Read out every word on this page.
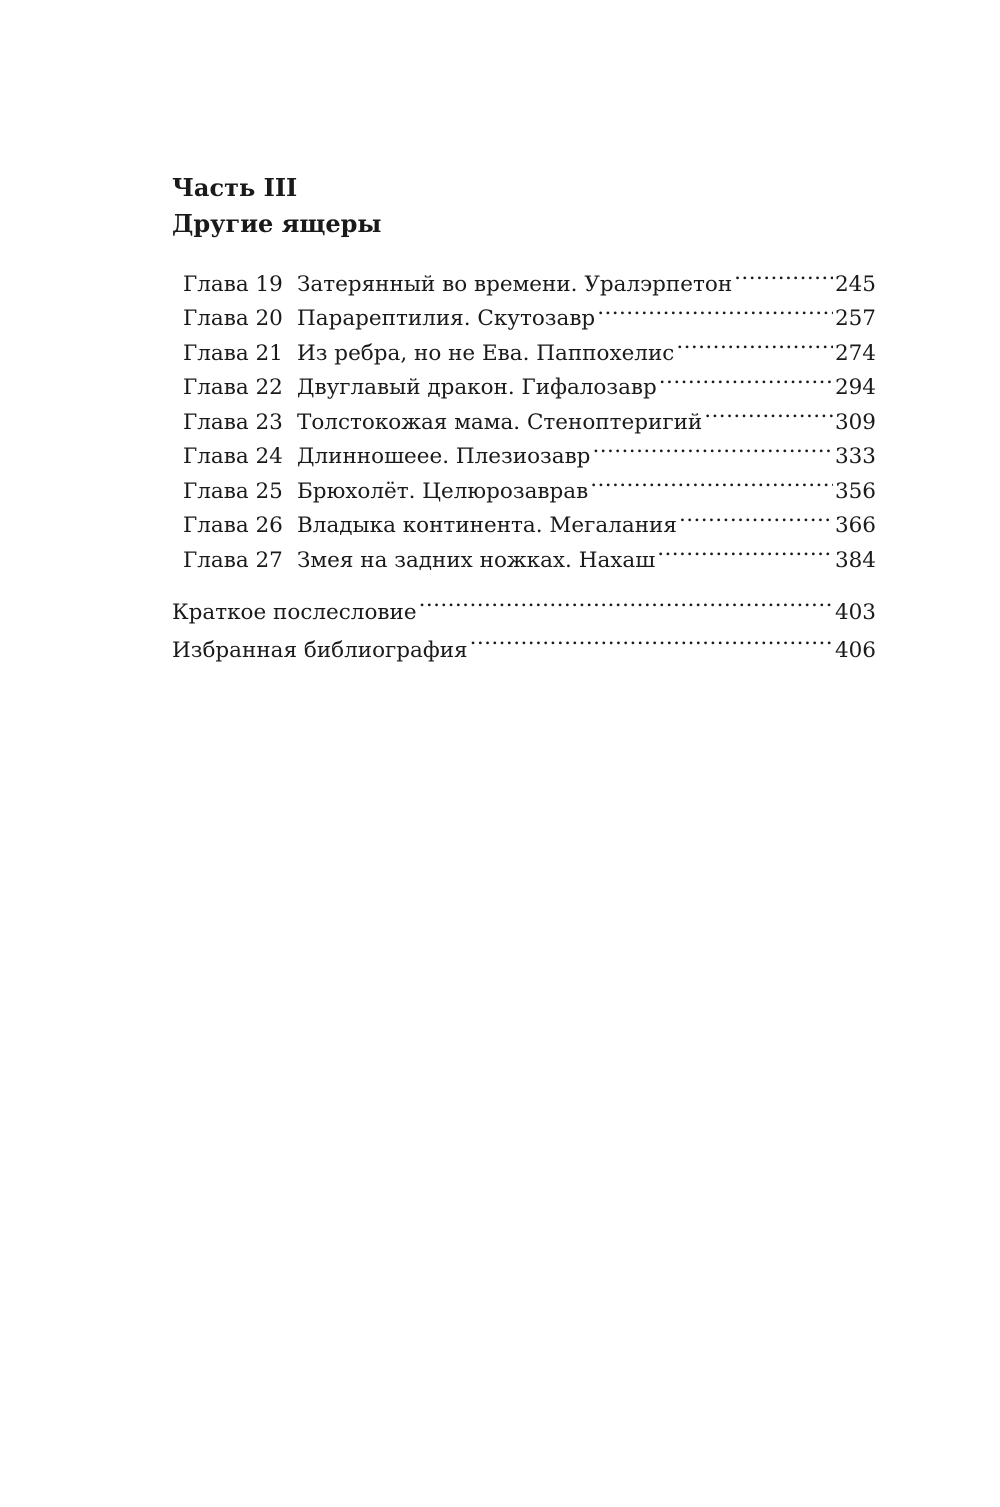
Часть III
Другие ящеры
Глава 19 Затерянный во времени. Уралэрпетон . . .	245
Глава 20 Парарептилия. Скутозавр . . .	257
Глава 21 Из ребра, но не Ева. Паппохелис . . .	274
Глава 22 Двуглавый дракон. Гифалозавр . . .	294
Глава 23 Толстокожая мама. Стеноптеригий . . .	309
Глава 24 Длинношеее. Плезиозавр . . .	333
Глава 25 Брюхолёт. Целюрозаврав . . .	356
Глава 26 Владыка континента. Мегалания . . .	366
Глава 27 Змея на задних ножках. Нахаш . . .	384
Краткое послесловие . . .	403
Избранная библиография . . .	406
